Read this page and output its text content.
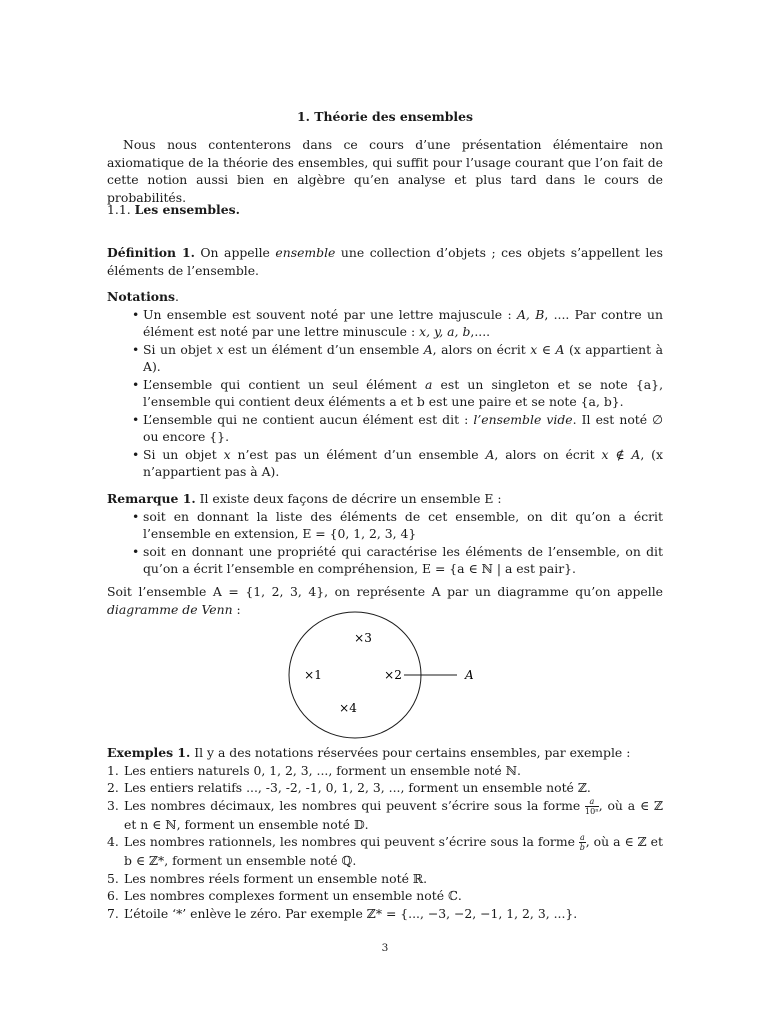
1. Théorie des ensembles
Nous nous contenterons dans ce cours d’une présentation élémentaire non axiomatique de la théorie des ensembles, qui suffit pour l’usage courant que l’on fait de cette notion aussi bien en algèbre qu’en analyse et plus tard dans le cours de probabilités.
1.1. Les ensembles.
Définition 1. On appelle ensemble une collection d’objets ; ces objets s’appellent les éléments de l’ensemble.
Notations.
• Un ensemble est souvent noté par une lettre majuscule : A, B, .... Par contre un élément est noté par une lettre minuscule : x, y, a, b,....
• Si un objet x est un élément d’un ensemble A, alors on écrit x ∈ A (x appartient à A).
• L’ensemble qui contient un seul élément a est un singleton et se note {a}, l’ensemble qui contient deux éléments a et b est une paire et se note {a, b}.
• L’ensemble qui ne contient aucun élément est dit : l’ensemble vide. Il est noté ∅ ou encore {}.
• Si un objet x n’est pas un élément d’un ensemble A, alors on écrit x ∉ A, (x n’appartient pas à A).
Remarque 1. Il existe deux façons de décrire un ensemble E :
• soit en donnant la liste des éléments de cet ensemble, on dit qu’on a écrit l’ensemble en extension, E = {0, 1, 2, 3, 4}
• soit en donnant une propriété qui caractérise les éléments de l’ensemble, on dit qu’on a écrit l’ensemble en compréhension, E = {a ∈ ℕ | a est pair}.
Soit l’ensemble A = {1, 2, 3, 4}, on représente A par un diagramme qu’on appelle diagramme de Venn :
A
×3
×1	×2
×4
Exemples 1. Il y a des notations réservées pour certains ensembles, par exemple :
1. Les entiers naturels 0, 1, 2, 3, ..., forment un ensemble noté ℕ.
2. Les entiers relatifs ..., -3, -2, -1, 0, 1, 2, 3, ..., forment un ensemble noté ℤ.
3. Les nombres décimaux, les nombres qui peuvent s’écrire sous la forme $\frac{a}{\text{10ⁿ}}$ , où a ∈ ℤ et n ∈ ℕ, forment un ensemble noté 𝔻.
4. Les nombres rationnels, les nombres qui peuvent s’écrire sous la forme $\frac{a}{b}$ , où a ∈ ℤ et b ∈ ℤ*, forment un ensemble noté ℚ.
5. Les nombres réels forment un ensemble noté ℝ.
6. Les nombres complexes forment un ensemble noté ℂ.
7. L’étoile ‘*’ enlève le zéro. Par exemple ℤ* = {..., −3, −2, −1, 1, 2, 3, ...}.
3
